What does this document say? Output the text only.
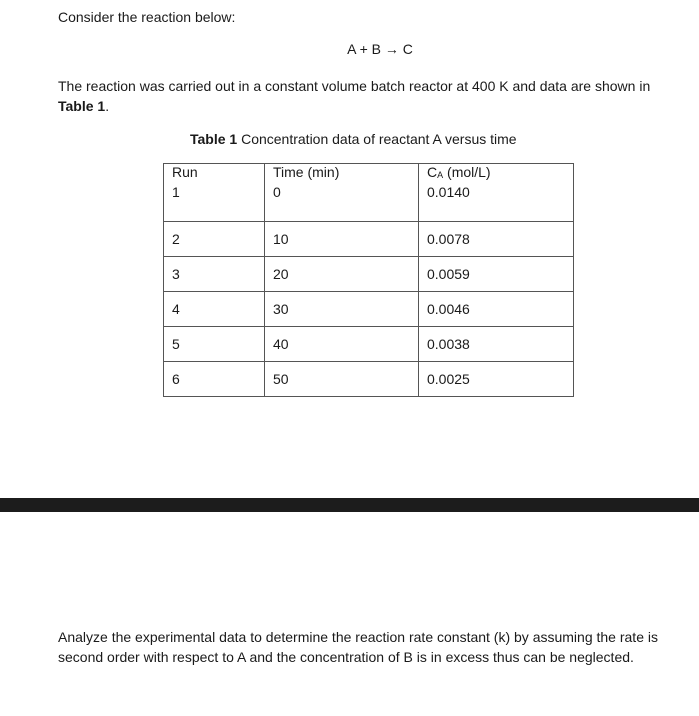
Consider the reaction below:

A + B → C

The reaction was carried out in a constant volume batch reactor at 400 K and data are shown in Table 1.

Table 1 Concentration data of reactant A versus time

Run	Time (min)	CA (mol/L)
1	0	0.0140
2	10	0.0078
3	20	0.0059
4	30	0.0046
5	40	0.0038
6	50	0.0025

Analyze the experimental data to determine the reaction rate constant (k) by assuming the rate is second order with respect to A and the concentration of B is in excess thus can be neglected.
